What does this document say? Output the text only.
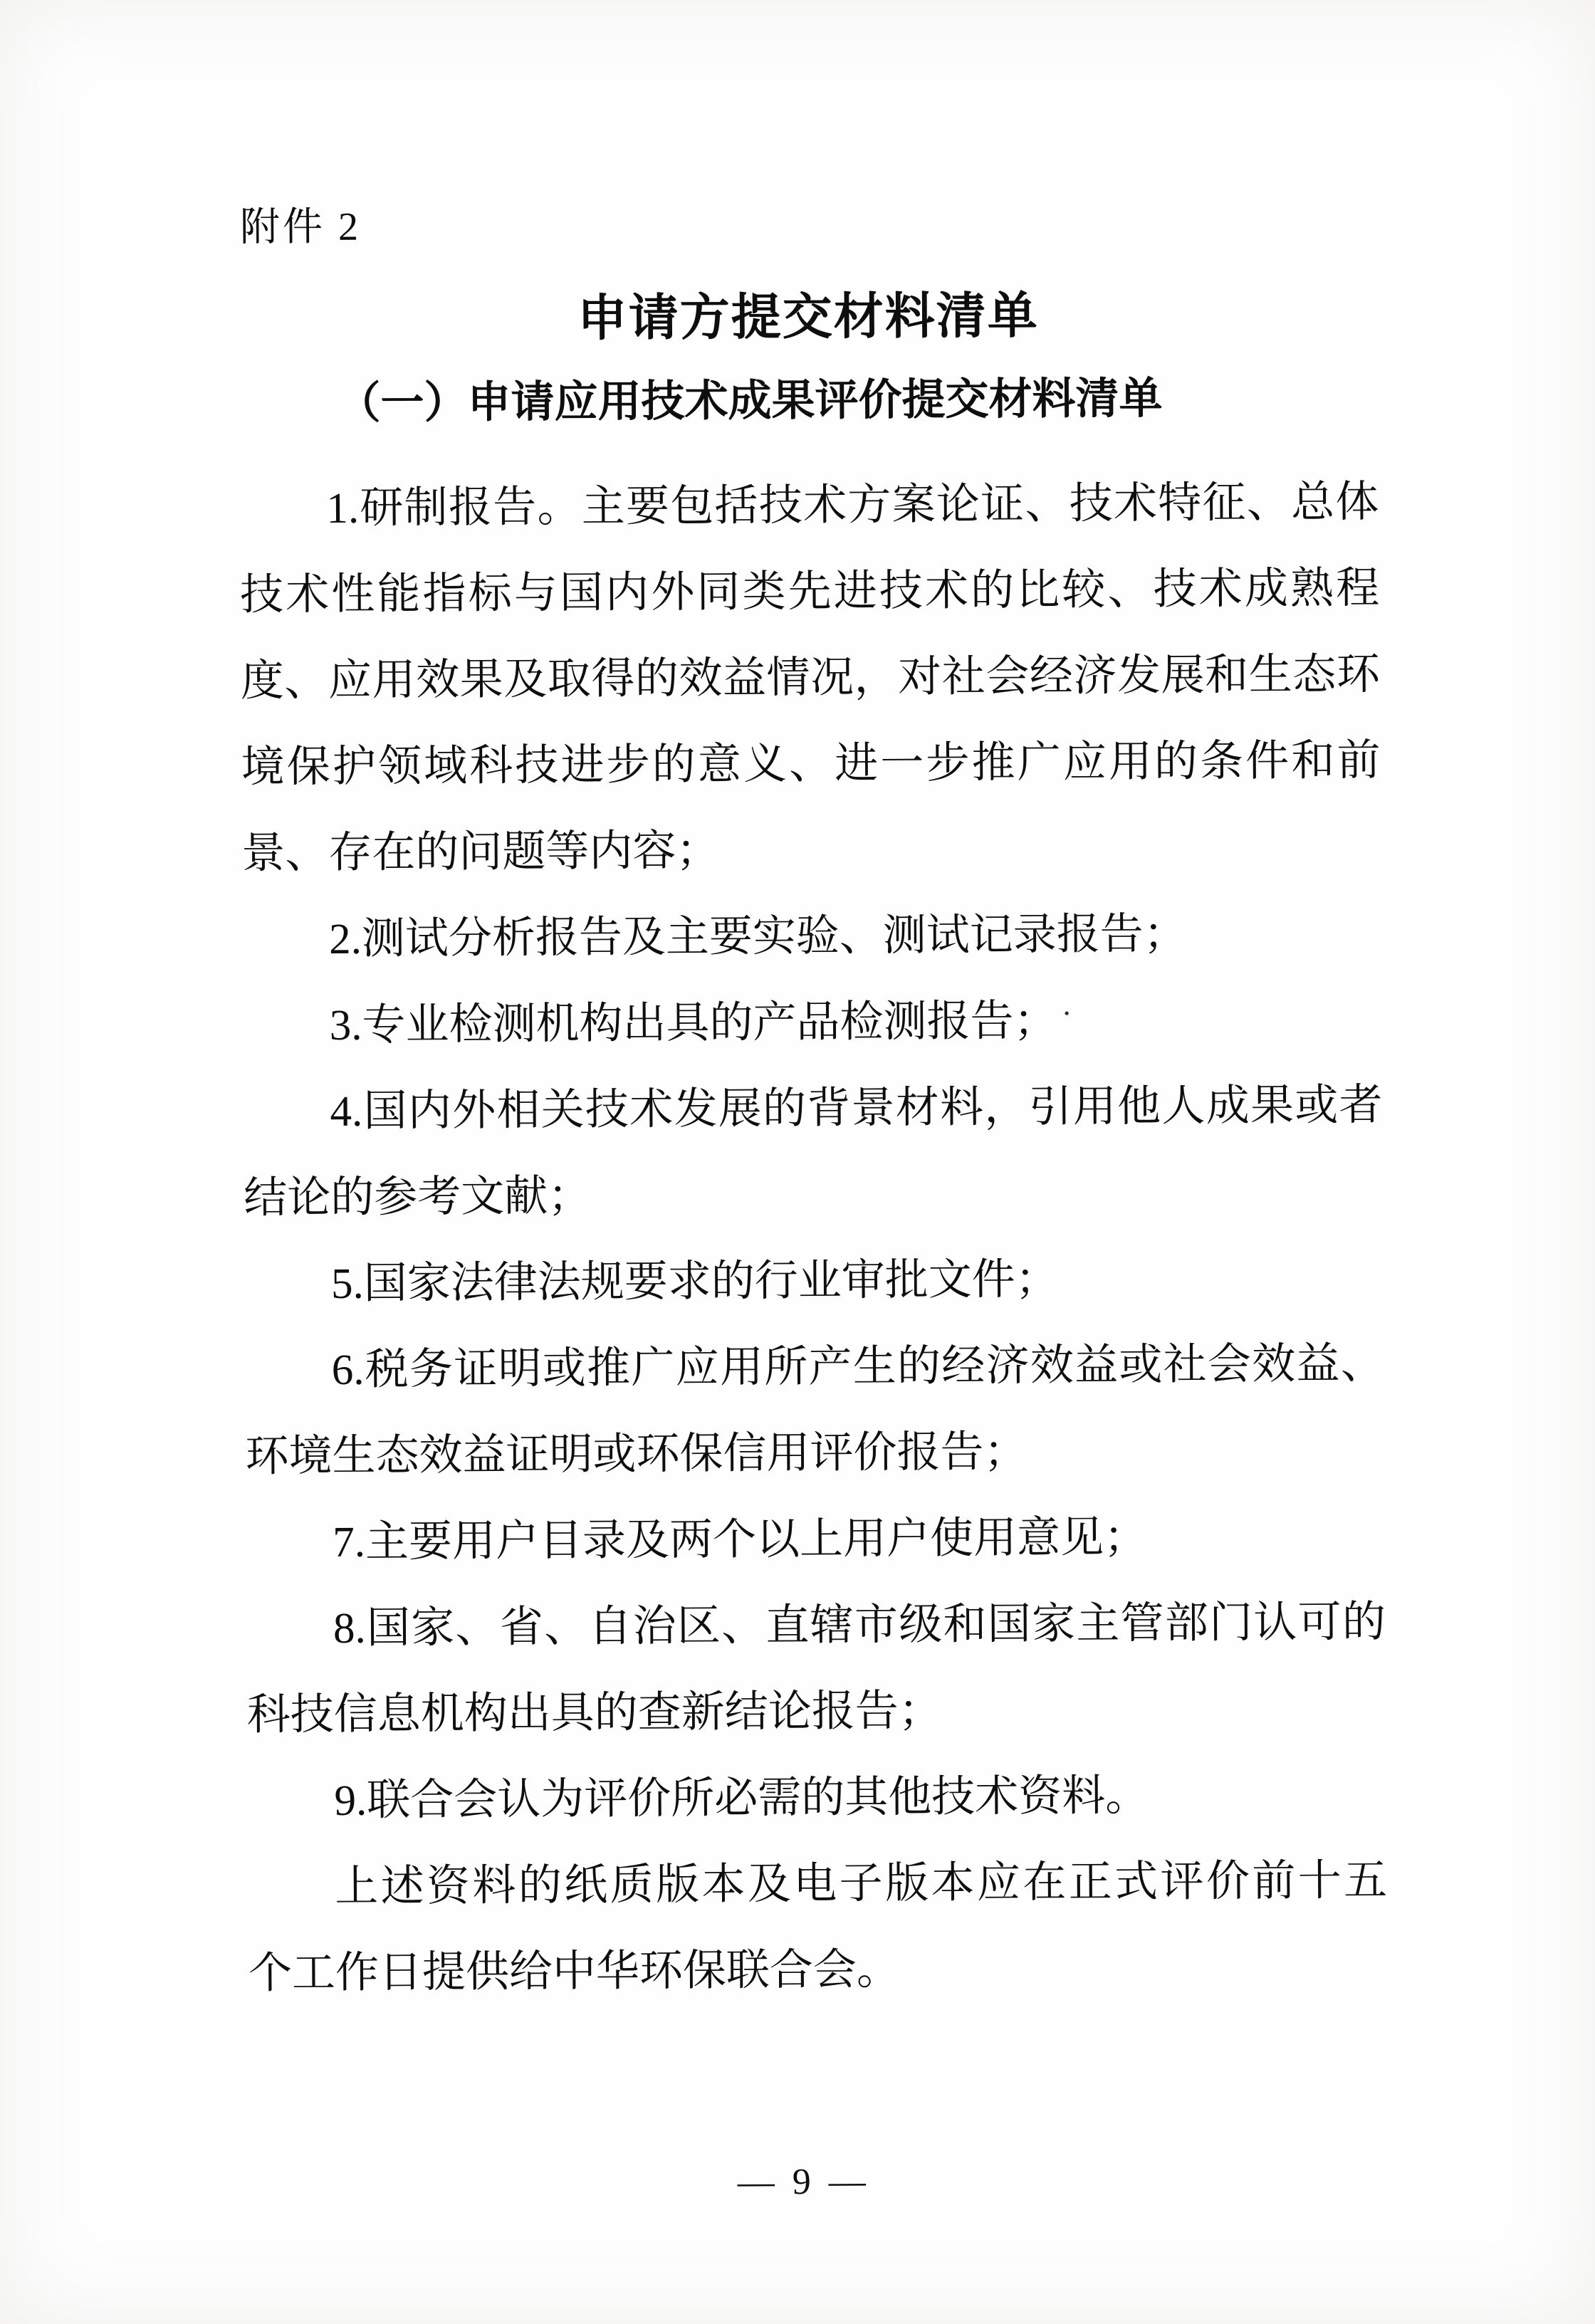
附件 2
申请方提交材料清单
（一）申请应用技术成果评价提交材料清单
1.研制报告。主要包括技术方案论证、技术特征、总体
技术性能指标与国内外同类先进技术的比较、技术成熟程
度、应用效果及取得的效益情况，对社会经济发展和生态环
境保护领域科技进步的意义、进一步推广应用的条件和前
景、存在的问题等内容；
2.测试分析报告及主要实验、测试记录报告；
3.专业检测机构出具的产品检测报告；
4.国内外相关技术发展的背景材料，引用他人成果或者
结论的参考文献；
5.国家法律法规要求的行业审批文件；
6.税务证明或推广应用所产生的经济效益或社会效益、
环境生态效益证明或环保信用评价报告；
7.主要用户目录及两个以上用户使用意见；
8.国家、省、自治区、直辖市级和国家主管部门认可的
科技信息机构出具的查新结论报告；
9.联合会认为评价所必需的其他技术资料。
上述资料的纸质版本及电子版本应在正式评价前十五
个工作日提供给中华环保联合会。
·
— 9 —
